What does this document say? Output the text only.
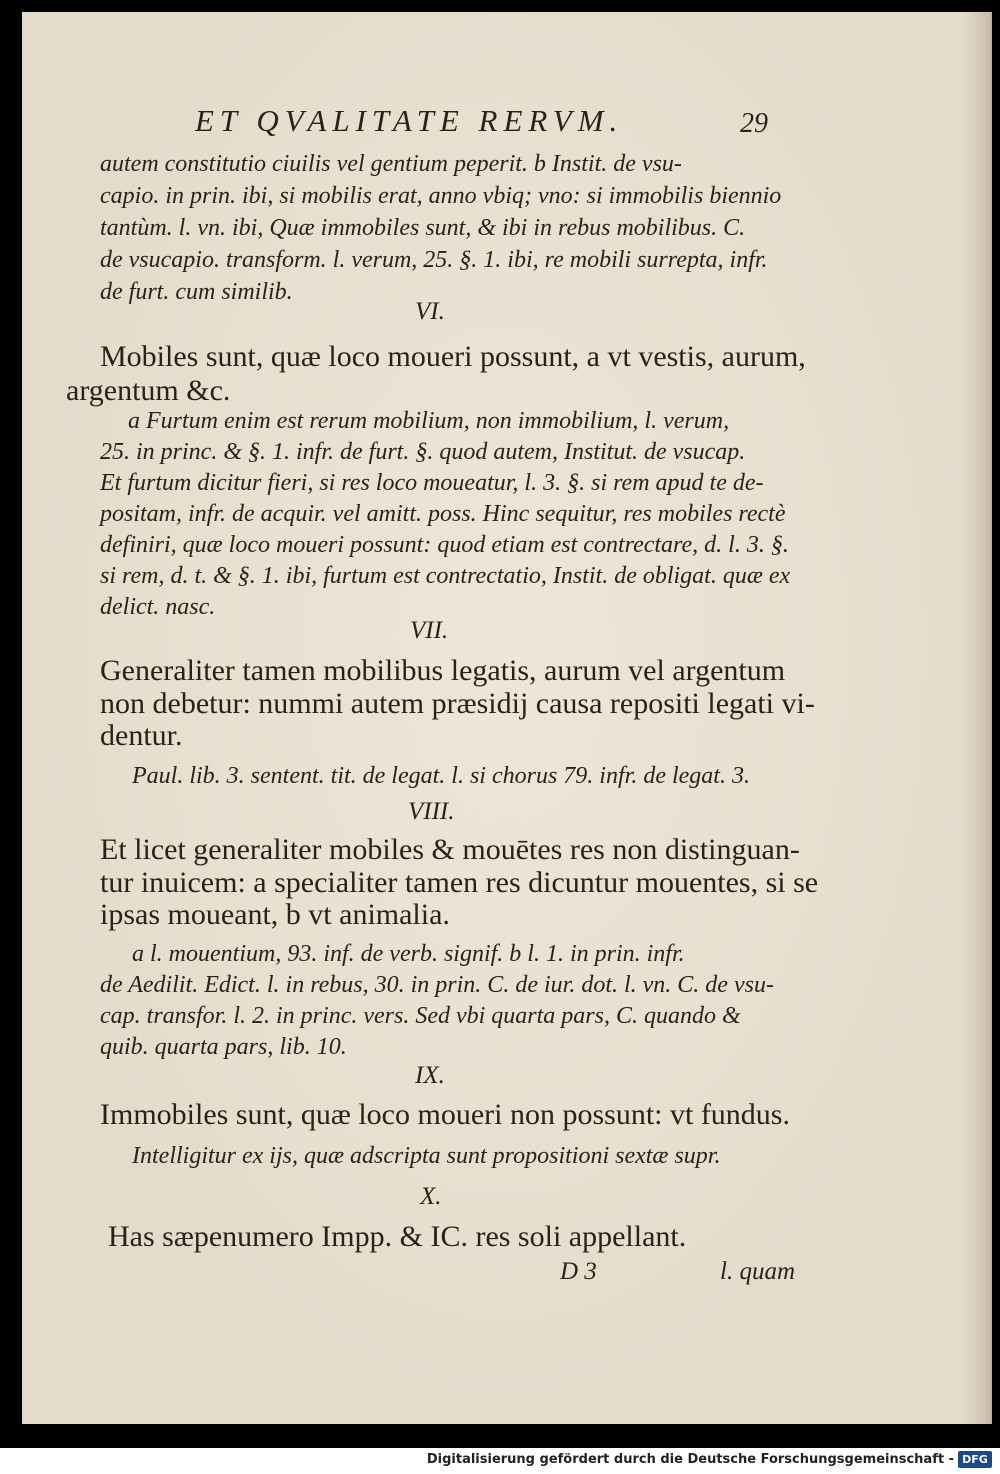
ET QVALITATE RERVM.	29
autem constitutio ciuilis vel gentium peperit. b Instit. de vsu-
capio. in prin. ibi, si mobilis erat, anno vbiq; vno: si immobilis biennio
tantùm. l. vn. ibi, Quæ immobiles sunt, & ibi in rebus mobilibus. C.
de vsucapio. transform. l. verum, 25. §. 1. ibi, re mobili surrepta, infr.
de furt. cum similib.
VI.
Mobiles sunt, quæ loco moueri possunt, a vt vestis, aurum,
argentum &c.
a Furtum enim est rerum mobilium, non immobilium, l. verum,
25. in princ. & §. 1. infr. de furt. §. quod autem, Institut. de vsucap.
Et furtum dicitur fieri, si res loco moueatur, l. 3. §. si rem apud te de-
positam, infr. de acquir. vel amitt. poss. Hinc sequitur, res mobiles rectè
definiri, quæ loco moueri possunt: quod etiam est contrectare, d. l. 3. §.
si rem, d. t. & §. 1. ibi, furtum est contrectatio, Instit. de obligat. quæ ex
delict. nasc.
VII.
Generaliter tamen mobilibus legatis, aurum vel argentum
non debetur: nummi autem præsidij causa repositi legati vi-
dentur.
Paul. lib. 3. sentent. tit. de legat. l. si chorus 79. infr. de legat. 3.
VIII.
Et licet generaliter mobiles & mouētes res non distinguan-
tur inuicem: a specialiter tamen res dicuntur mouentes, si se
ipsas moueant, b vt animalia.
a l. mouentium, 93. inf. de verb. signif. b l. 1. in prin. infr.
de Aedilit. Edict. l. in rebus, 30. in prin. C. de iur. dot. l. vn. C. de vsu-
cap. transfor. l. 2. in princ. vers. Sed vbi quarta pars, C. quando &
quib. quarta pars, lib. 10.
IX.
Immobiles sunt, quæ loco moueri non possunt: vt fundus.
Intelligitur ex ijs, quæ adscripta sunt propositioni sextæ supr.
X.
Has sæpenumero Impp. & IC. res soli appellant.
D 3	l. quam
Digitalisierung gefördert durch die Deutsche Forschungsgemeinschaft - DFG
